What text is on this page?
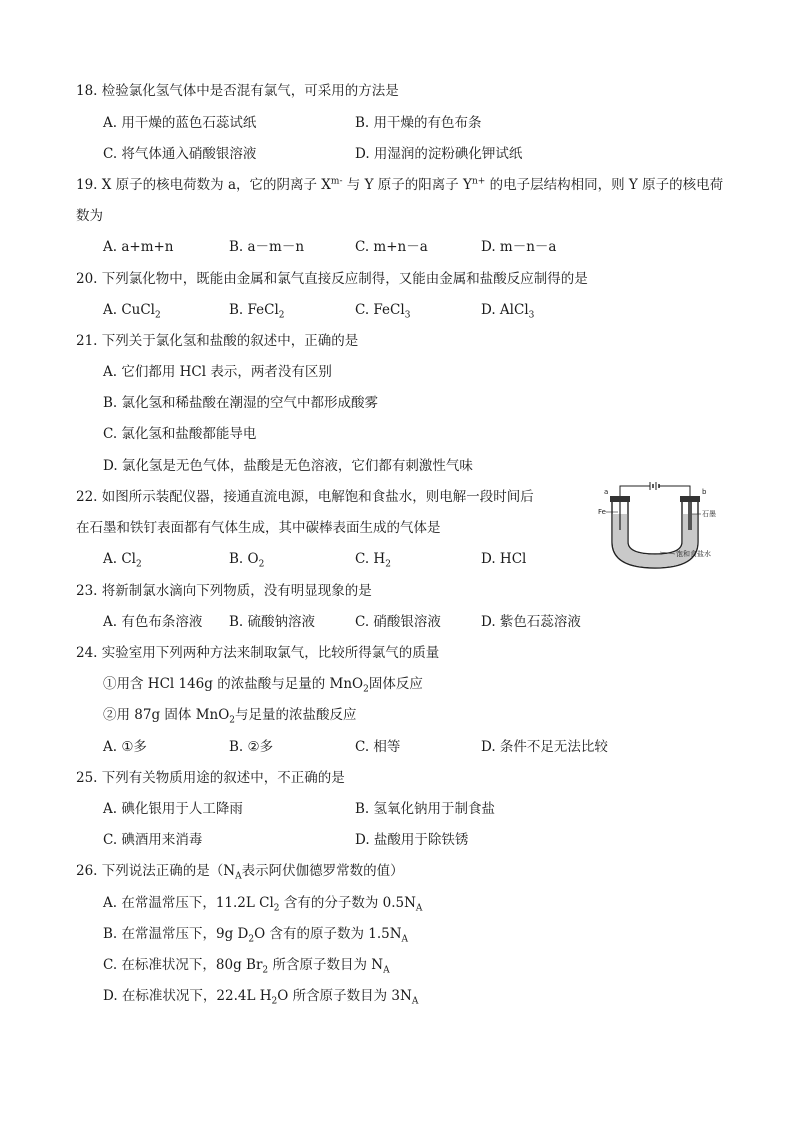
18. 检验氯化氢气体中是否混有氯气，可采用的方法是
A. 用干燥的蓝色石蕊试纸	B. 用干燥的有色布条
C. 将气体通入硝酸银溶液	D. 用湿润的淀粉碘化钾试纸
19. X 原子的核电荷数为 a，它的阴离子 $X^{m-}$ 与 Y 原子的阳离子 $Y^{n+}$ 的电子层结构相同，则 Y 原子的核电荷
数为
A. a+m+n	B. a－m－n	C. m+n－a	D. m－n－a
20. 下列氯化物中，既能由金属和氯气直接反应制得，又能由金属和盐酸反应制得的是
A. CuCl$_2$	B. FeCl$_2$	C. FeCl$_3$	D. AlCl$_3$
21. 下列关于氯化氢和盐酸的叙述中，正确的是
A. 它们都用 HCl 表示，两者没有区别
B. 氯化氢和稀盐酸在潮湿的空气中都形成酸雾
C. 氯化氢和盐酸都能导电
D. 氯化氢是无色气体，盐酸是无色溶液，它们都有刺激性气味
22. 如图所示装配仪器，接通直流电源，电解饱和食盐水，则电解一段时间后
在石墨和铁钉表面都有气体生成，其中碳棒表面生成的气体是
A. $Cl_2$	B. $O_2$	C. $H_2$	D. HCl
a	b
Fe	石墨
饱和食盐水
23. 将新制氯水滴向下列物质，没有明显现象的是
A. 有色布条溶液 B. 硫酸钠溶液	C. 硝酸银溶液	D. 紫色石蕊溶液
24. 实验室用下列两种方法来制取氯气，比较所得氯气的质量
①用含 HCl 146g 的浓盐酸与足量的 MnO$_2$固体反应
②用 87g 固体 MnO$_2$与足量的浓盐酸反应
A. ①多	B. ②多	C. 相等	D. 条件不足无法比较
25. 下列有关物质用途的叙述中，不正确的是
A. 碘化银用于人工降雨	B. 氢氧化钠用于制食盐
C. 碘酒用来消毒	D. 盐酸用于除铁锈
26. 下列说法正确的是（$N_A$表示阿伏伽德罗常数的值）
A. 在常温常压下，11.2L $Cl_2$ 含有的分子数为 $0.5N_A$
B. 在常温常压下，9g $D_2O$ 含有的原子数为 $1.5N_A$
C. 在标准状况下，80g $Br_2$ 所含原子数目为 $N_A$
D. 在标准状况下，22.4L $H_2O$ 所含原子数目为 $3N_A$
